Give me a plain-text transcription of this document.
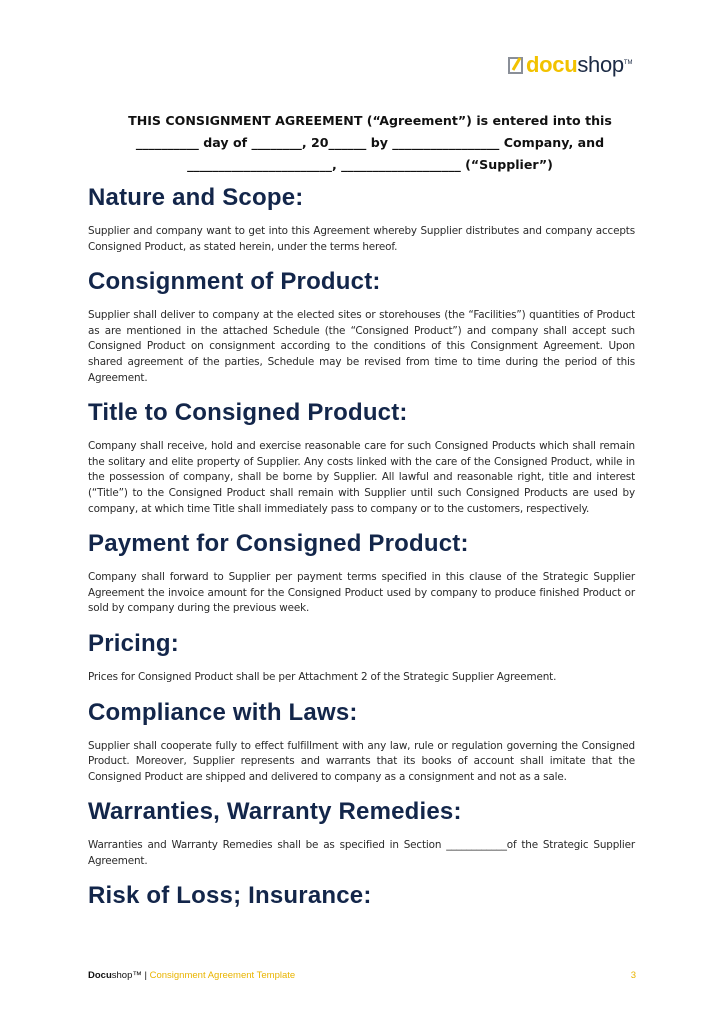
docu shop TM
THIS CONSIGNMENT AGREEMENT (“Agreement”) is entered into this
__________ day of ________, 20______ by _________________ Company, and
_______________________, ___________________ (“Supplier”)
Nature and Scope:

Supplier and company want to get into this Agreement whereby Supplier distributes and company accepts Consigned Product, as stated herein, under the terms hereof.

Consignment of Product:

Supplier shall deliver to company at the elected sites or storehouses (the “Facilities”) quantities of Product as are mentioned in the attached Schedule (the “Consigned Product”) and company shall accept such Consigned Product on consignment according to the conditions of this Consignment Agreement. Upon shared agreement of the parties, Schedule may be revised from time to time during the period of this Agreement.

Title to Consigned Product:

Company shall receive, hold and exercise reasonable care for such Consigned Products which shall remain the solitary and elite property of Supplier. Any costs linked with the care of the Consigned Product, while in the possession of company, shall be borne by Supplier. All lawful and reasonable right, title and interest (“Title”) to the Consigned Product shall remain with Supplier until such Consigned Products are used by company, at which time Title shall immediately pass to company or to the customers, respectively.

Payment for Consigned Product:

Company shall forward to Supplier per payment terms specified in this clause of the Strategic Supplier Agreement the invoice amount for the Consigned Product used by company to produce finished Product or sold by company during the previous week.

Pricing:

Prices for Consigned Product shall be per Attachment 2 of the Strategic Supplier Agreement.

Compliance with Laws:

Supplier shall cooperate fully to effect fulfillment with any law, rule or regulation governing the Consigned Product. Moreover, Supplier represents and warrants that its books of account shall imitate that the Consigned Product are shipped and delivered to company as a consignment and not as a sale.

Warranties, Warranty Remedies:

Warranties and Warranty Remedies shall be as specified in Section ____________of the Strategic Supplier Agreement.

Risk of Loss; Insurance:
Docushop™ | Consignment Agreement Template	3
